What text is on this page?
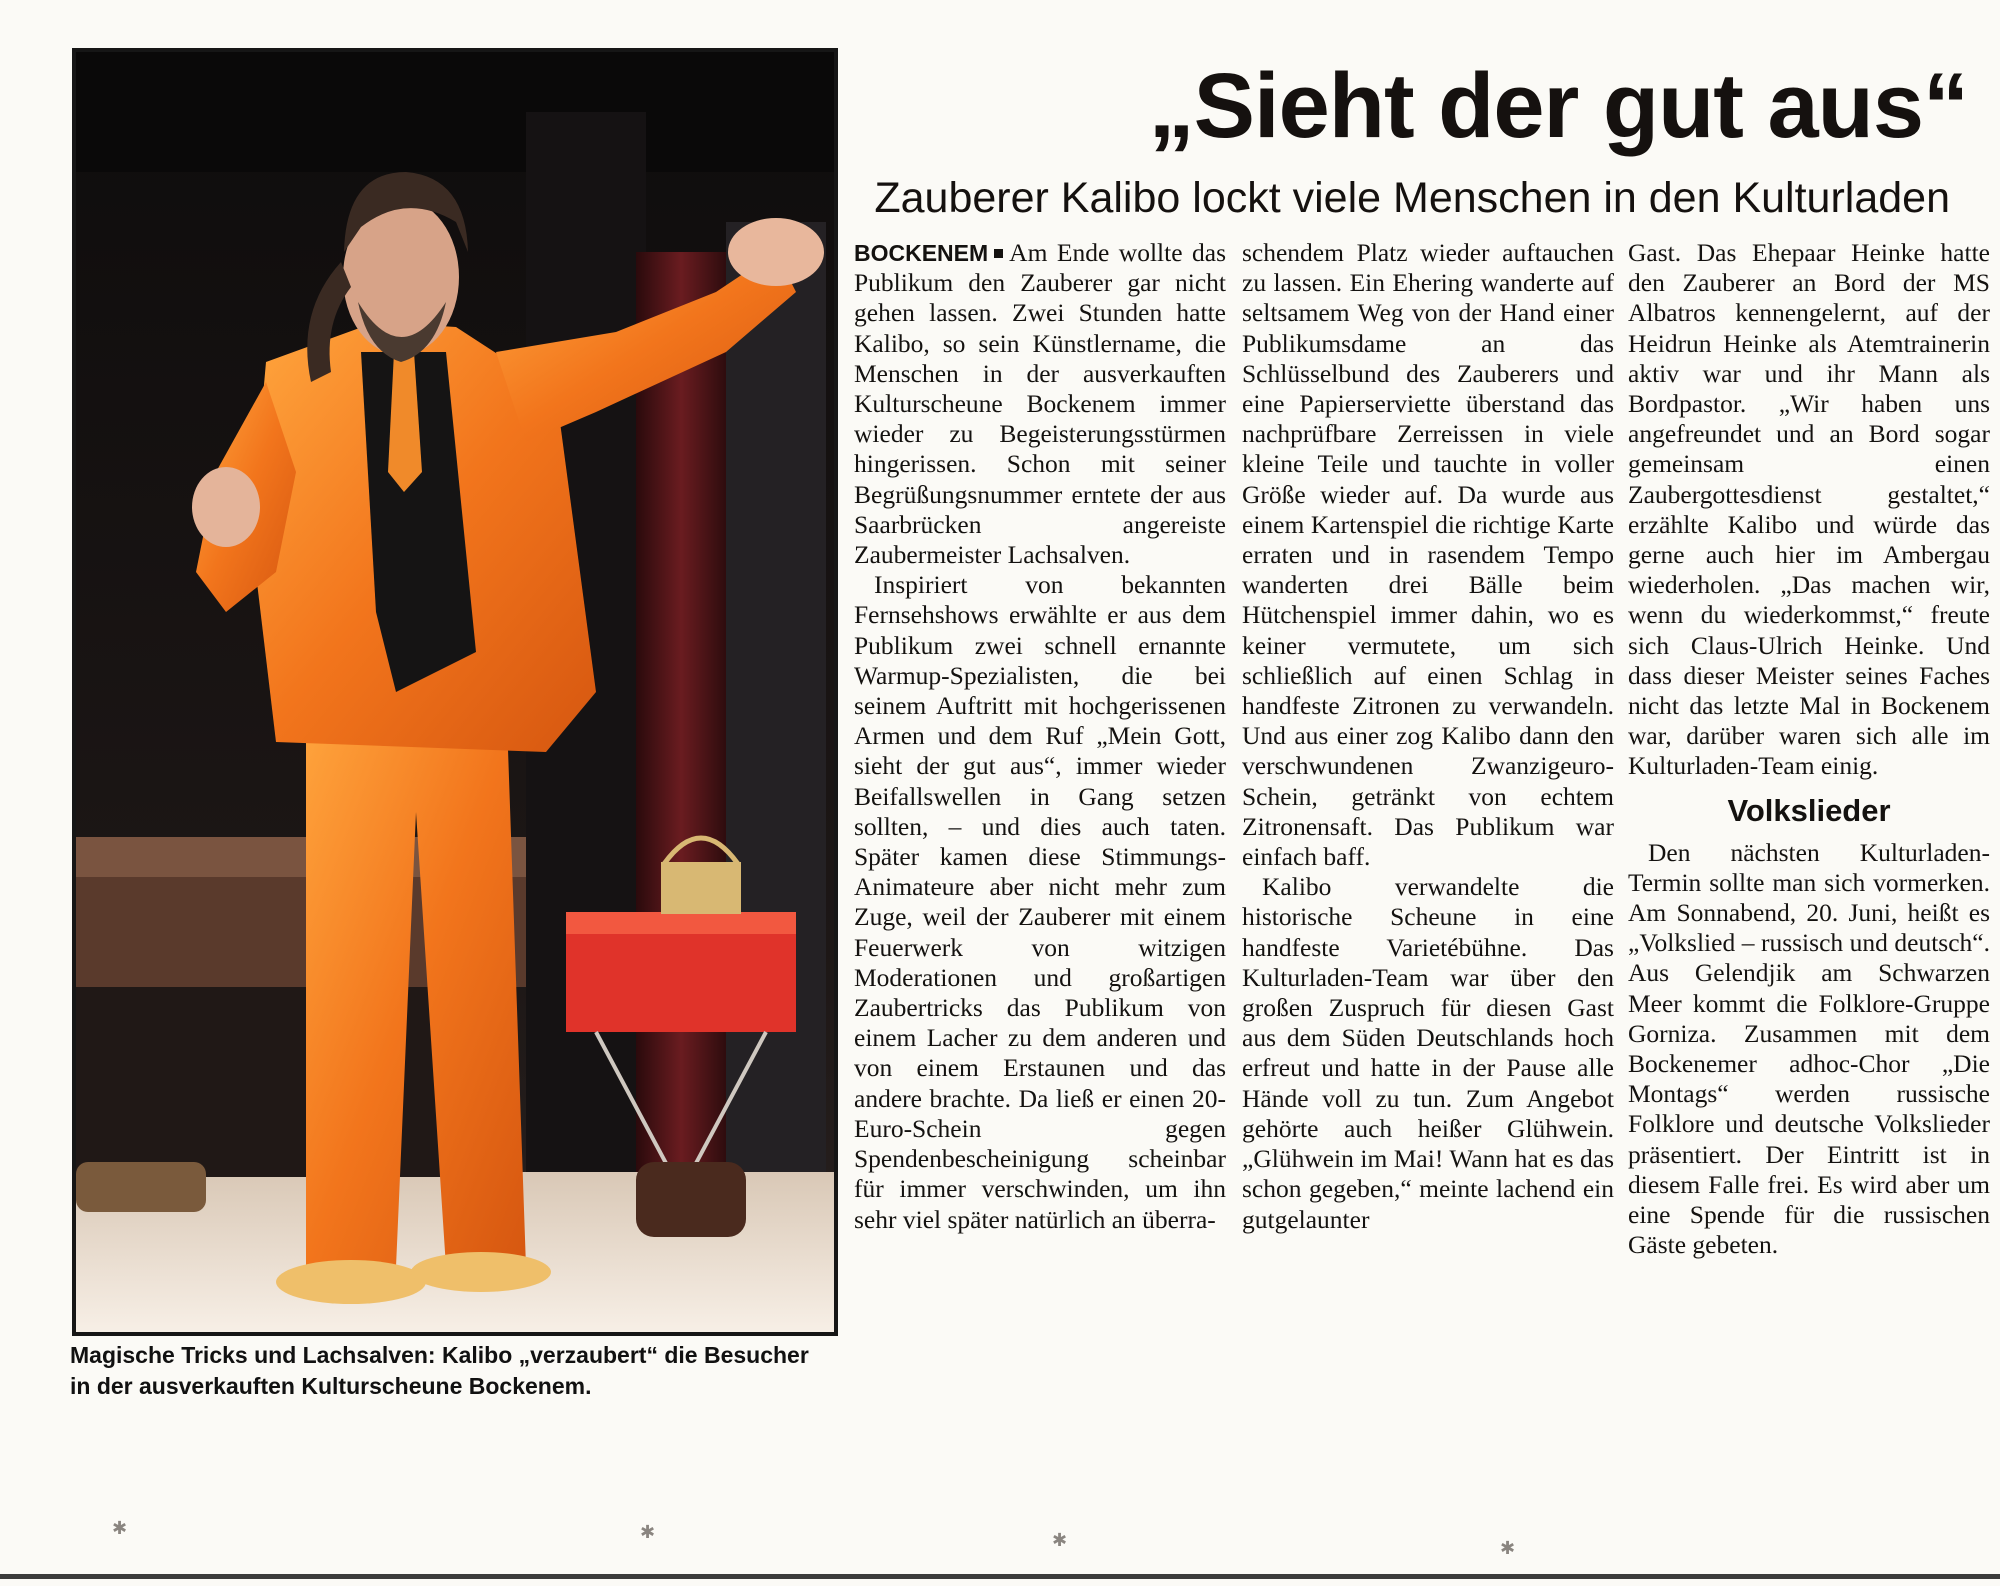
✱	✱	✱	✱
Magische Tricks und Lachsalven: Kalibo „verzaubert“ die Besucher in der ausverkauften Kulturscheune Bockenem.
„Sieht der gut aus“
Zauberer Kalibo lockt viele Menschen in den Kulturladen

BOCKENEM Am Ende wollte das Publikum den Zauberer gar nicht gehen lassen. Zwei Stunden hatte Kalibo, so sein Künstlername, die Menschen in der ausverkauften Kulturscheune Bockenem immer wieder zu Begeisterungsstürmen hingerissen. Schon mit seiner Begrüßungsnummer erntete der aus Saarbrücken angereiste Zaubermeister Lachsalven.

Inspiriert von bekannten Fernsehshows erwählte er aus dem Publikum zwei schnell ernannte Warmup-Spezialisten, die bei seinem Auftritt mit hochgerissenen Armen und dem Ruf „Mein Gott, sieht der gut aus“, immer wieder Beifallswellen in Gang setzen sollten, – und dies auch taten. Später kamen diese Stimmungs-Animateure aber nicht mehr zum Zuge, weil der Zauberer mit einem Feuerwerk von witzigen Moderationen und großartigen Zaubertricks das Publikum von einem Lacher zu dem anderen und von einem Erstaunen und das andere brachte. Da ließ er einen 20-Euro-Schein gegen Spendenbescheinigung scheinbar für immer verschwinden, um ihn sehr viel später natürlich an überra-

schendem Platz wieder auftauchen zu lassen. Ein Ehering wanderte auf seltsamem Weg von der Hand einer Publikumsdame an das Schlüsselbund des Zauberers und eine Papierserviette überstand das nachprüfbare Zerreissen in viele kleine Teile und tauchte in voller Größe wieder auf. Da wurde aus einem Kartenspiel die richtige Karte erraten und in rasendem Tempo wanderten drei Bälle beim Hütchenspiel immer dahin, wo es keiner vermutete, um sich schließlich auf einen Schlag in handfeste Zitronen zu verwandeln. Und aus einer zog Kalibo dann den verschwundenen Zwanzigeuro-Schein, getränkt von echtem Zitronensaft. Das Publikum war einfach baff.

Kalibo verwandelte die historische Scheune in eine handfeste Varietébühne. Das Kulturladen-Team war über den großen Zuspruch für diesen Gast aus dem Süden Deutschlands hoch erfreut und hatte in der Pause alle Hände voll zu tun. Zum Angebot gehörte auch heißer Glühwein. „Glühwein im Mai! Wann hat es das schon gegeben,“ meinte lachend ein gutgelaunter

Gast. Das Ehepaar Heinke hatte den Zauberer an Bord der MS Albatros kennengelernt, auf der Heidrun Heinke als Atemtrainerin aktiv war und ihr Mann als Bordpastor. „Wir haben uns angefreundet und an Bord sogar gemeinsam einen Zaubergottesdienst gestaltet,“ erzählte Kalibo und würde das gerne auch hier im Ambergau wiederholen. „Das machen wir, wenn du wiederkommst,“ freute sich Claus-Ulrich Heinke. Und dass dieser Meister seines Faches nicht das letzte Mal in Bockenem war, darüber waren sich alle im Kulturladen-Team einig.

Volkslieder

Den nächsten Kulturladen-Termin sollte man sich vormerken. Am Sonnabend, 20. Juni, heißt es „Volkslied – russisch und deutsch“. Aus Gelendjik am Schwarzen Meer kommt die Folklore-Gruppe Gorniza. Zusammen mit dem Bockenemer adhoc-Chor „Die Montags“ werden russische Folklore und deutsche Volkslieder präsentiert. Der Eintritt ist in diesem Falle frei. Es wird aber um eine Spende für die russischen Gäste gebeten.
